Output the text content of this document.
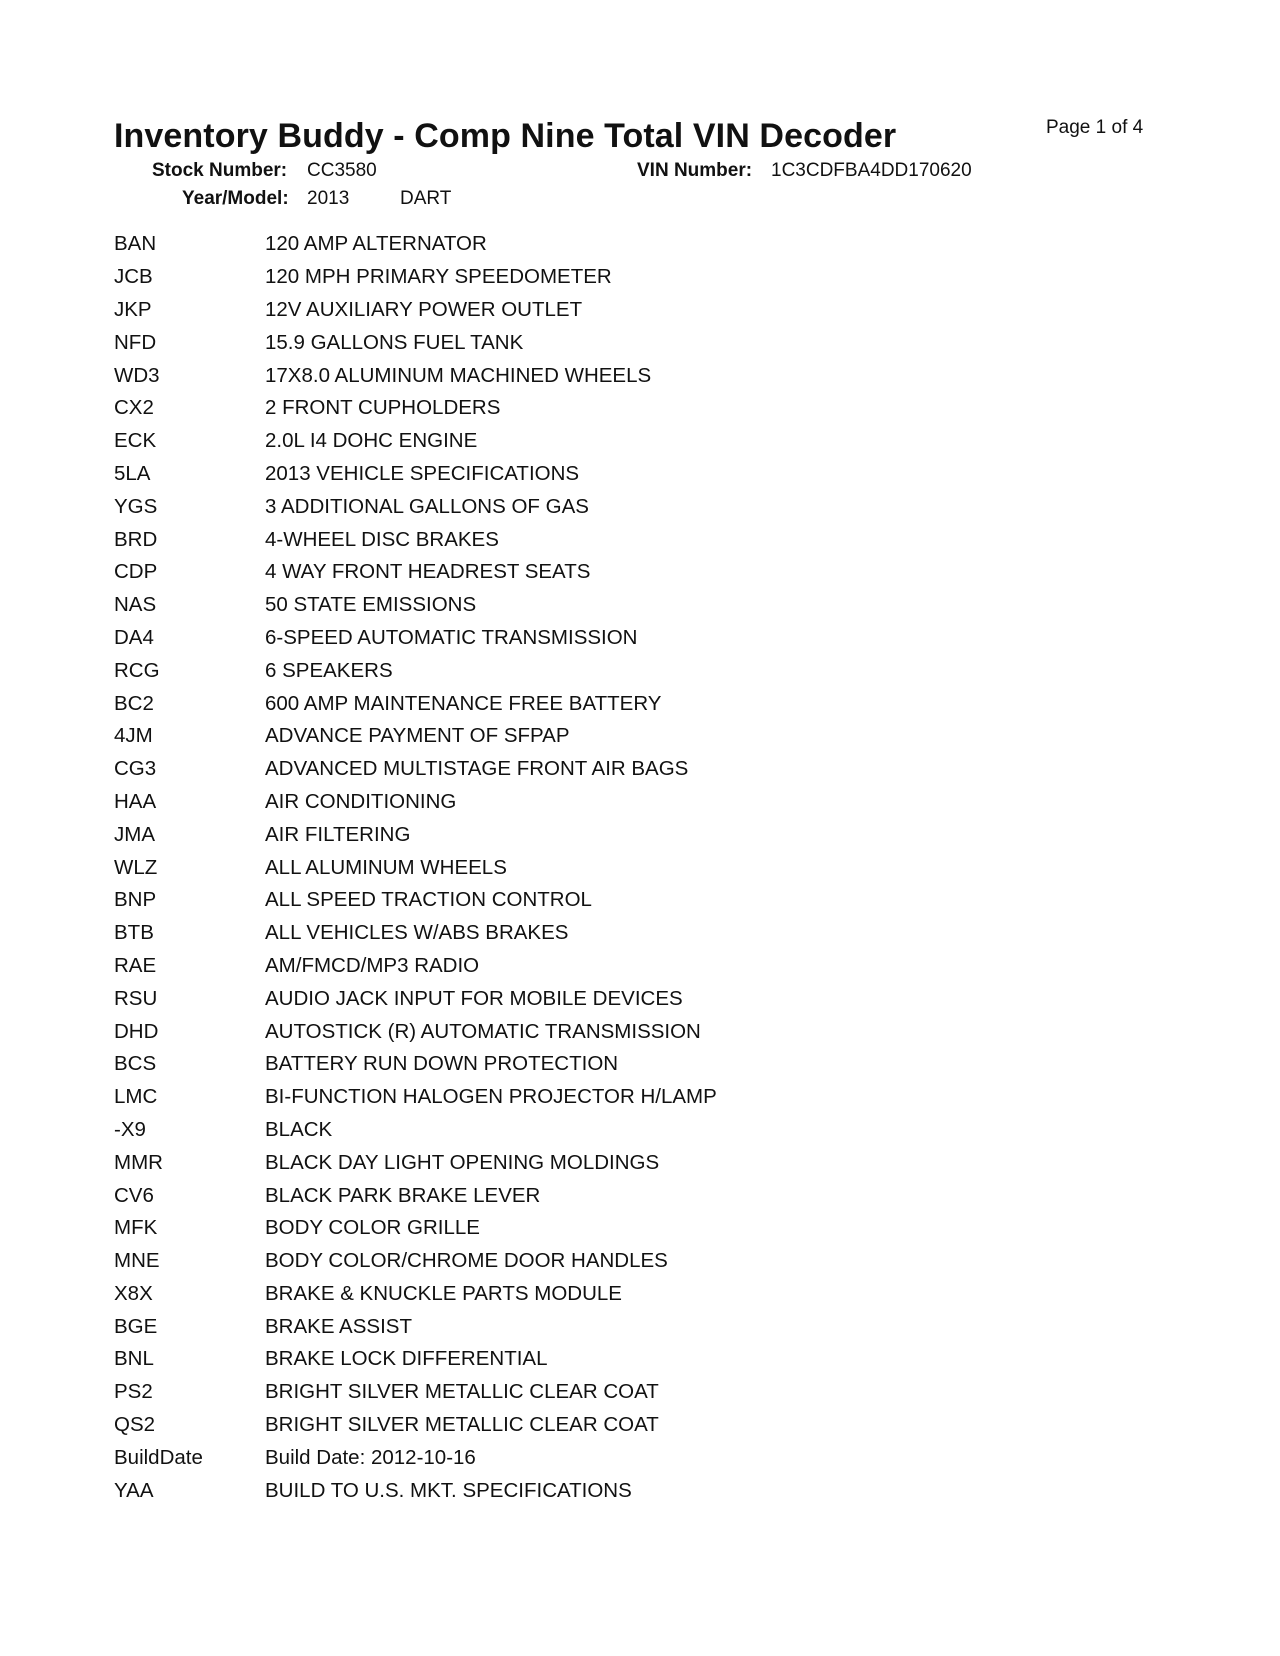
Inventory Buddy - Comp Nine Total VIN Decoder	Page 1 of 4
Stock Number: CC3580	VIN Number: 1C3CDFBA4DD170620
Year/Model: 2013	DART
BAN	120 AMP ALTERNATOR
JCB	120 MPH PRIMARY SPEEDOMETER
JKP	12V AUXILIARY POWER OUTLET
NFD	15.9 GALLONS FUEL TANK
WD3	17X8.0 ALUMINUM MACHINED WHEELS
CX2	2 FRONT CUPHOLDERS
ECK	2.0L I4 DOHC ENGINE
5LA	2013 VEHICLE SPECIFICATIONS
YGS	3 ADDITIONAL GALLONS OF GAS
BRD	4-WHEEL DISC BRAKES
CDP	4 WAY FRONT HEADREST SEATS
NAS	50 STATE EMISSIONS
DA4	6-SPEED AUTOMATIC TRANSMISSION
RCG	6 SPEAKERS
BC2	600 AMP MAINTENANCE FREE BATTERY
4JM	ADVANCE PAYMENT OF SFPAP
CG3	ADVANCED MULTISTAGE FRONT AIR BAGS
HAA	AIR CONDITIONING
JMA	AIR FILTERING
WLZ	ALL ALUMINUM WHEELS
BNP	ALL SPEED TRACTION CONTROL
BTB	ALL VEHICLES W/ABS BRAKES
RAE	AM/FMCD/MP3 RADIO
RSU	AUDIO JACK INPUT FOR MOBILE DEVICES
DHD	AUTOSTICK (R) AUTOMATIC TRANSMISSION
BCS	BATTERY RUN DOWN PROTECTION
LMC	BI-FUNCTION HALOGEN PROJECTOR H/LAMP
-X9	BLACK
MMR	BLACK DAY LIGHT OPENING MOLDINGS
CV6	BLACK PARK BRAKE LEVER
MFK	BODY COLOR GRILLE
MNE	BODY COLOR/CHROME DOOR HANDLES
X8X	BRAKE & KNUCKLE PARTS MODULE
BGE	BRAKE ASSIST
BNL	BRAKE LOCK DIFFERENTIAL
PS2	BRIGHT SILVER METALLIC CLEAR COAT
QS2	BRIGHT SILVER METALLIC CLEAR COAT
BuildDate	Build Date: 2012-10-16
YAA	BUILD TO U.S. MKT. SPECIFICATIONS
